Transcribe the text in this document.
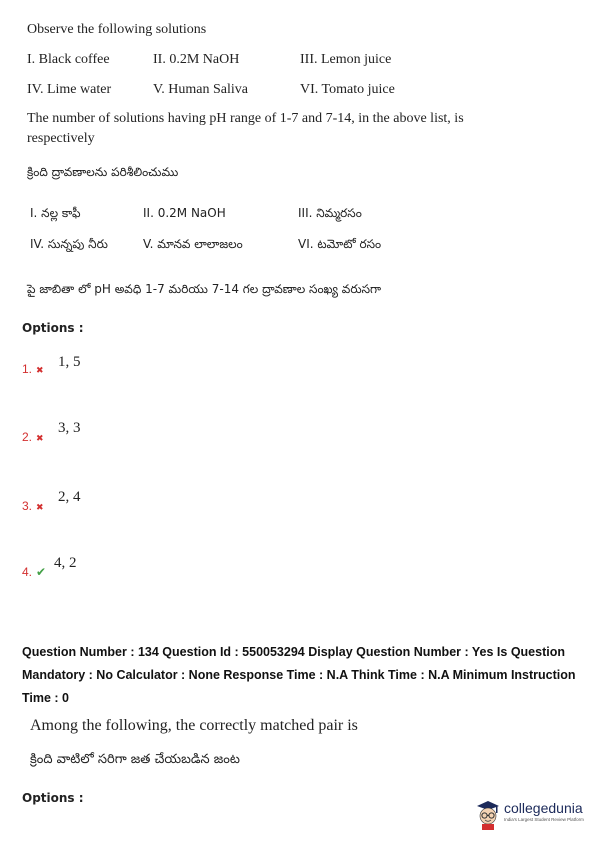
Observe the following solutions
I. Black coffee	II. 0.2M NaOH	III. Lemon juice
IV. Lime water	V. Human Saliva	VI. Tomato juice
The number of solutions having pH range of 1-7 and 7-14, in the above list, is
respectively
క్రింది ద్రావణాలను పరిశీలించుము
I. నల్ల కాఫీ	II. 0.2M NaOH	III. నిమ్మరసం
IV. సున్నపు నీరు	V. మానవ లాలాజలం	VI. టమోటో రసం
పై జాబితా లో pH అవధి 1-7 మరియు 7-14 గల ద్రావణాల సంఖ్య వరుసగా
Options :
1. ✖
1, 5
2. ✖
3, 3
3. ✖
2, 4
4. ✔
4, 2
Question Number : 134 Question Id : 550053294 Display Question Number : Yes Is Question
Mandatory : No Calculator : None Response Time : N.A Think Time : N.A Minimum Instruction
Time : 0
Among the following, the correctly matched pair is
క్రింది వాటిలో సరిగా జత చేయబడిన జంట
Options :
collegedunia
India's Largest Student Review Platform
